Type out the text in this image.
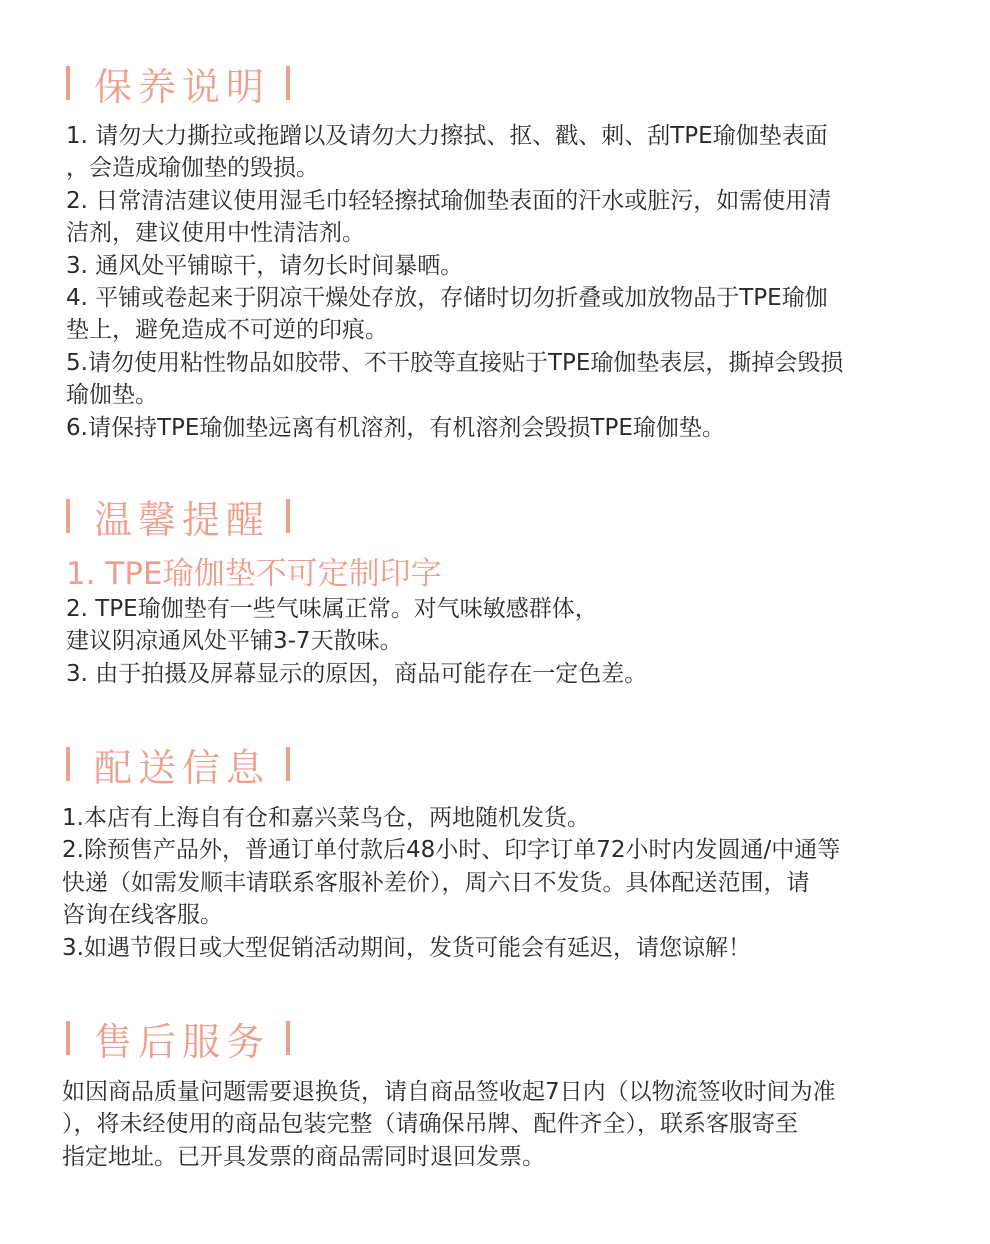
保养说明
1. 请勿大力撕拉或拖蹭以及请勿大力擦拭、抠、戳、刺、刮TPE瑜伽垫表面
，会造成瑜伽垫的毁损。
2. 日常清洁建议使用湿毛巾轻轻擦拭瑜伽垫表面的汗水或脏污，如需使用清
洁剂，建议使用中性清洁剂。
3. 通风处平铺晾干，请勿长时间暴晒。
4. 平铺或卷起来于阴凉干燥处存放，存储时切勿折叠或加放物品于TPE瑜伽
垫上，避免造成不可逆的印痕。
5.请勿使用粘性物品如胶带、不干胶等直接贴于TPE瑜伽垫表层，撕掉会毁损
瑜伽垫。
6.请保持TPE瑜伽垫远离有机溶剂，有机溶剂会毁损TPE瑜伽垫。
温馨提醒
1. TPE瑜伽垫不可定制印字
2. TPE瑜伽垫有一些气味属正常。对气味敏感群体，
建议阴凉通风处平铺3-7天散味。
3. 由于拍摄及屏幕显示的原因，商品可能存在一定色差。
配送信息
1.本店有上海自有仓和嘉兴菜鸟仓，两地随机发货。
2.除预售产品外，普通订单付款后48小时、印字订单72小时内发圆通/中通等
快递（如需发顺丰请联系客服补差价），周六日不发货。具体配送范围，请
咨询在线客服。
3.如遇节假日或大型促销活动期间，发货可能会有延迟，请您谅解！
售后服务
如因商品质量问题需要退换货，请自商品签收起7日内（以物流签收时间为准
），将未经使用的商品包装完整（请确保吊牌、配件齐全），联系客服寄至
指定地址。已开具发票的商品需同时退回发票。
